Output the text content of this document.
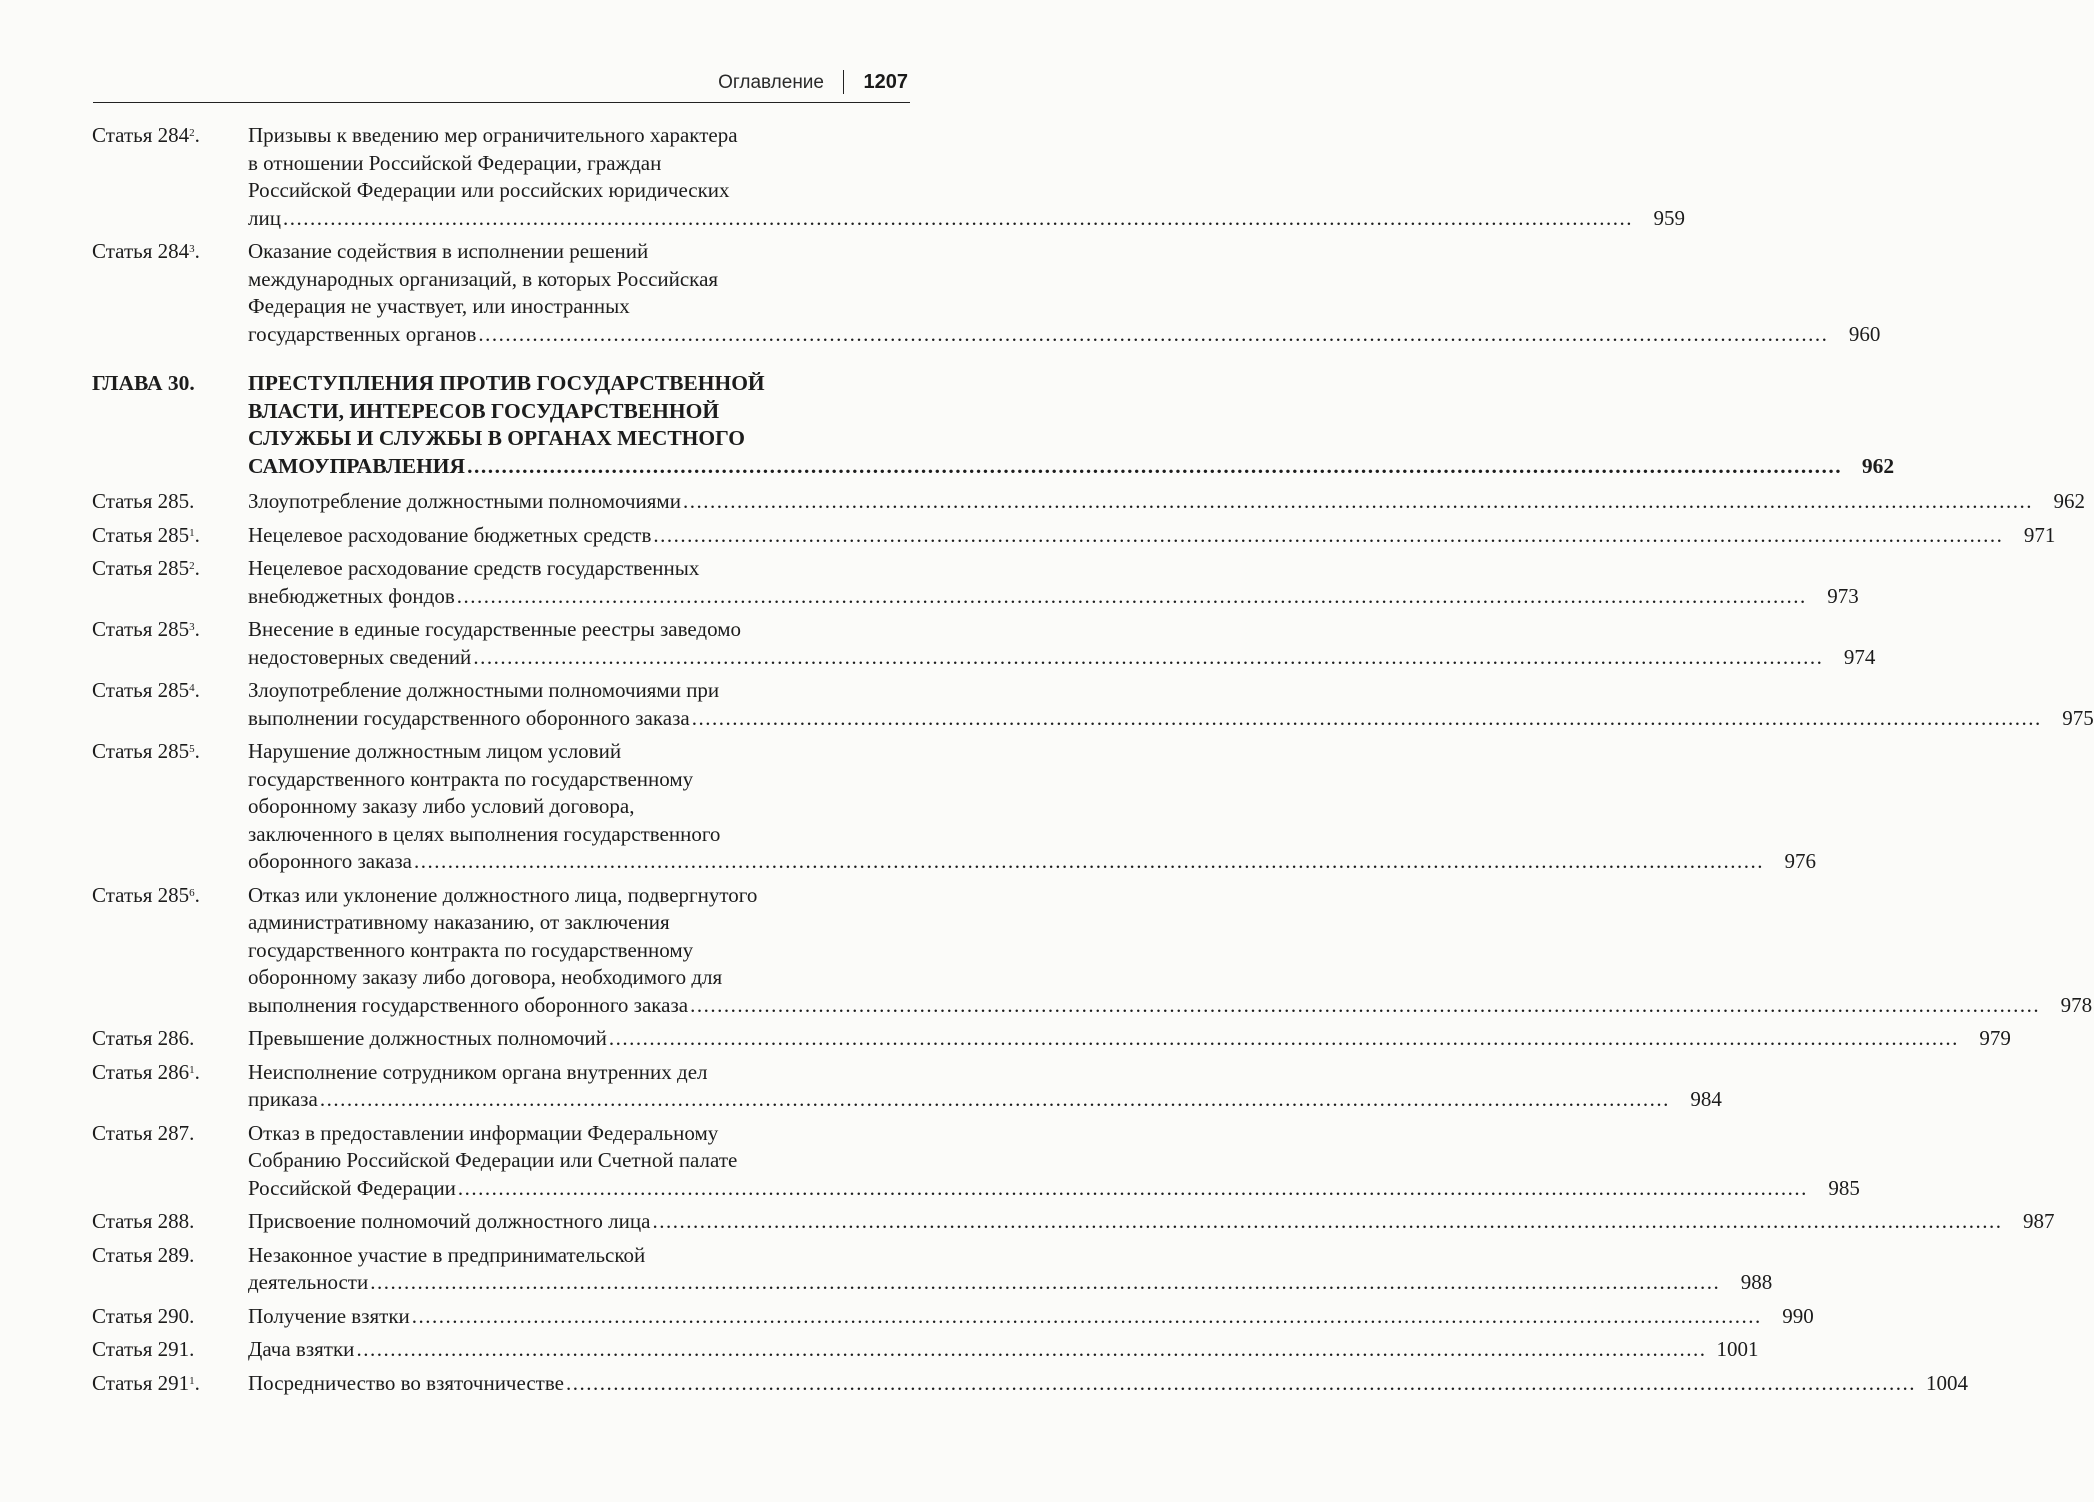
Оглавление 1207
Статья $284^2$. Призывы к введению мер ограничительного характера
в отношении Российской Федерации, граждан
Российской Федерации или российских юридических
лиц ........................................................................................................................................................................................................ 959
Статья $284^3$. Оказание содействия в исполнении решений
международных организаций, в которых Российская
Федерация не участвует, или иностранных
государственных органов ........................................................................................................................................................................................................ 960
ГЛАВА 30. ПРЕСТУПЛЕНИЯ ПРОТИВ ГОСУДАРСТВЕННОЙ
ВЛАСТИ, ИНТЕРЕСОВ ГОСУДАРСТВЕННОЙ
СЛУЖБЫ И СЛУЖБЫ В ОРГАНАХ МЕСТНОГО
САМОУПРАВЛЕНИЯ ........................................................................................................................................................................................................ 962
Статья 285.	Злоупотребление должностными полномочиями ........................................................................................................................................................................................................ 962
Статья $285^1$. Нецелевое расходование бюджетных средств ........................................................................................................................................................................................................ 971
Статья $285^2$. Нецелевое расходование средств государственных
внебюджетных фондов ........................................................................................................................................................................................................ 973
Статья $285^3$. Внесение в единые государственные реестры заведомо
недостоверных сведений ........................................................................................................................................................................................................ 974
Статья $285^4$. Злоупотребление должностными полномочиями при
выполнении государственного оборонного заказа ........................................................................................................................................................................................................ 975
Статья $285^5$. Нарушение должностным лицом условий
государственного контракта по государственному
оборонному заказу либо условий договора,
заключенного в целях выполнения государственного
оборонного заказа ........................................................................................................................................................................................................ 976
Статья $285^6$. Отказ или уклонение должностного лица, подвергнутого
административному наказанию, от заключения
государственного контракта по государственному
оборонному заказу либо договора, необходимого для
выполнения государственного оборонного заказа ........................................................................................................................................................................................................ 978
Статья 286.	Превышение должностных полномочий ........................................................................................................................................................................................................ 979
Статья $286^1$. Неисполнение сотрудником органа внутренних дел
приказа ........................................................................................................................................................................................................ 984
Статья 287.	Отказ в предоставлении информации Федеральному
Собранию Российской Федерации или Счетной палате
Российской Федерации ........................................................................................................................................................................................................ 985
Статья 288.	Присвоение полномочий должностного лица ........................................................................................................................................................................................................ 987
Статья 289.	Незаконное участие в предпринимательской
деятельности ........................................................................................................................................................................................................ 988
Статья 290.	Получение взятки ........................................................................................................................................................................................................ 990
Статья 291.	Дача взятки ........................................................................................................................................................................................................ 1001
Статья $291^1$. Посредничество во взяточничестве ........................................................................................................................................................................................................ 1004
